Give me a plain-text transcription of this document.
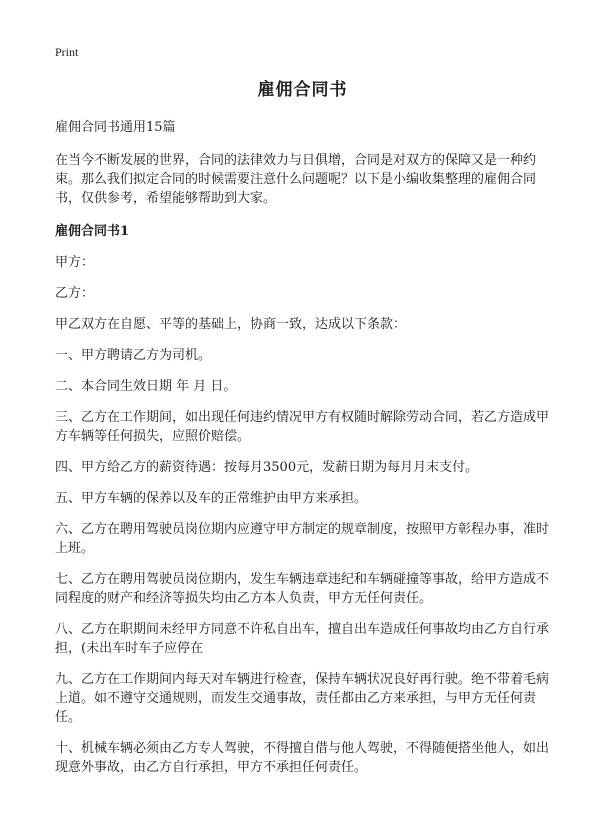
Print
雇佣合同书

雇佣合同书通用15篇

在当今不断发展的世界，合同的法律效力与日俱增，合同是对双方的保障又是一种约束。那么我们拟定合同的时候需要注意什么问题呢？以下是小编收集整理的雇佣合同书，仅供参考，希望能够帮助到大家。

雇佣合同书1

甲方：

乙方：

甲乙双方在自愿、平等的基础上，协商一致，达成以下条款：

一、甲方聘请乙方为司机。

二、本合同生效日期 年 月 日。

三、乙方在工作期间，如出现任何违约情况甲方有权随时解除劳动合同，若乙方造成甲方车辆等任何损失，应照价赔偿。

四、甲方给乙方的薪资待遇：按每月3500元，发薪日期为每月月末支付。

五、甲方车辆的保养以及车的正常维护由甲方来承担。

六、乙方在聘用驾驶员岗位期内应遵守甲方制定的规章制度，按照甲方彰程办事，准时上班。

七、乙方在聘用驾驶员岗位期内，发生车辆违章违纪和车辆碰撞等事故，给甲方造成不同程度的财产和经济等损失均由乙方本人负责，甲方无任何责任。

八、乙方在职期间未经甲方同意不许私自出车，擅自出车造成任何事故均由乙方自行承担，(未出车时车子应停在

九、乙方在工作期间内每天对车辆进行检查，保持车辆状况良好再行驶。绝不带着毛病上道。如不遵守交通规则，而发生交通事故，责任都由乙方来承担，与甲方无任何责任。

十、机械车辆必须由乙方专人驾驶，不得擅自借与他人驾驶，不得随便搭坐他人，如出现意外事故，由乙方自行承担，甲方不承担任何责任。
